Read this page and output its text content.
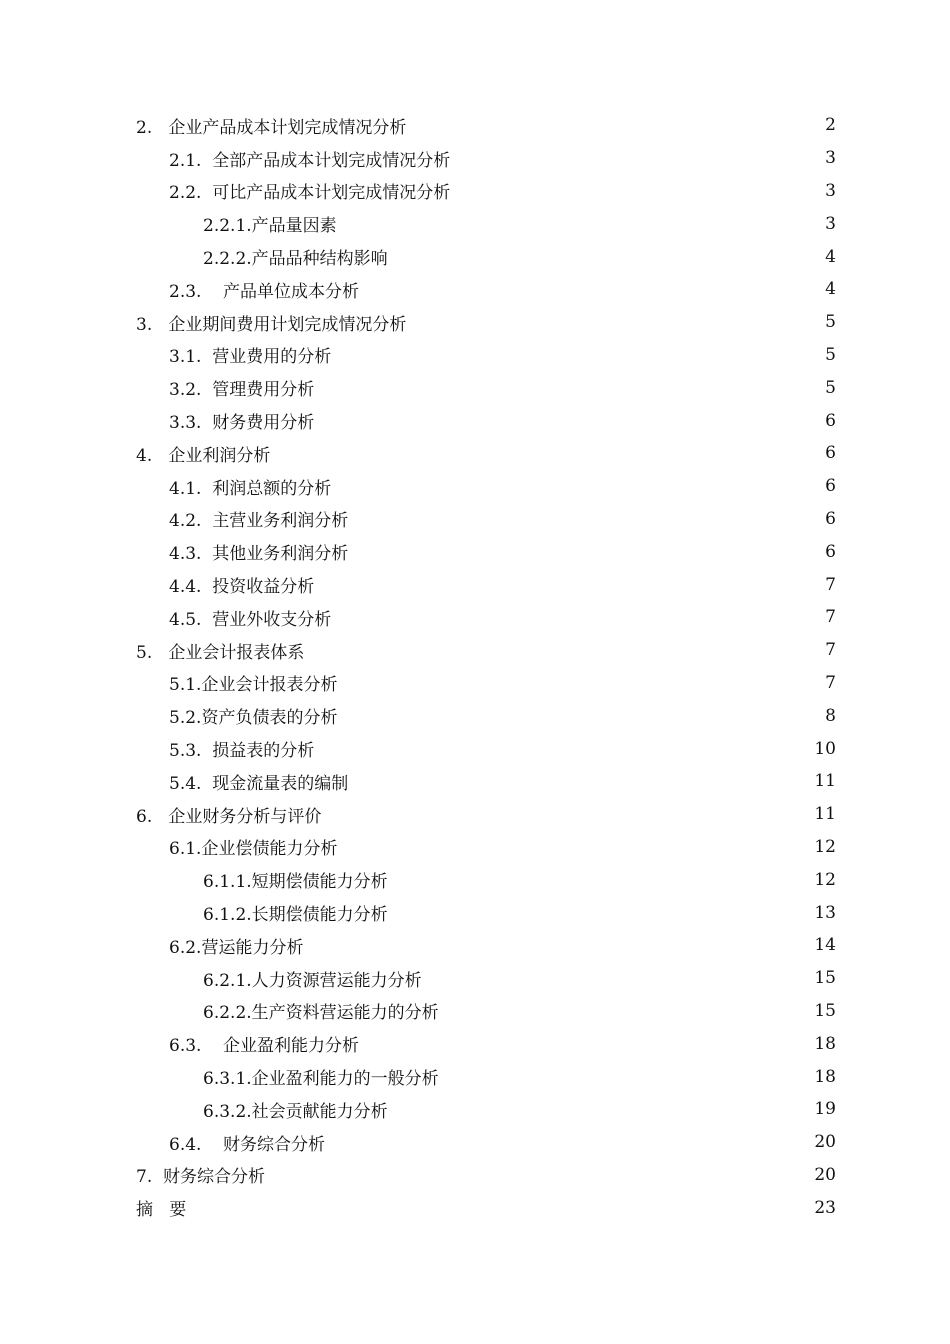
2.   企业产品成本计划完成情况分析	2
2.1.  全部产品成本计划完成情况分析	3
2.2.  可比产品成本计划完成情况分析	3
2.2.1.产品量因素	3
2.2.2.产品品种结构影响	4
2.3.    产品单位成本分析	4
3.   企业期间费用计划完成情况分析	5
3.1.  营业费用的分析	5
3.2.  管理费用分析	5
3.3.  财务费用分析	6
4.   企业利润分析	6
4.1.  利润总额的分析	6
4.2.  主营业务利润分析	6
4.3.  其他业务利润分析	6
4.4.  投资收益分析	7
4.5.  营业外收支分析	7
5.   企业会计报表体系	7
5.1.企业会计报表分析	7
5.2.资产负债表的分析	8
5.3.  损益表的分析	10
5.4.  现金流量表的编制	11
6.   企业财务分析与评价	11
6.1.企业偿债能力分析	12
6.1.1.短期偿债能力分析	12
6.1.2.长期偿债能力分析	13
6.2.营运能力分析	14
6.2.1.人力资源营运能力分析	15
6.2.2.生产资料营运能力的分析	15
6.3.    企业盈利能力分析	18
6.3.1.企业盈利能力的一般分析	18
6.3.2.社会贡献能力分析	19
6.4.    财务综合分析	20
7.  财务综合分析	20
摘   要	23
